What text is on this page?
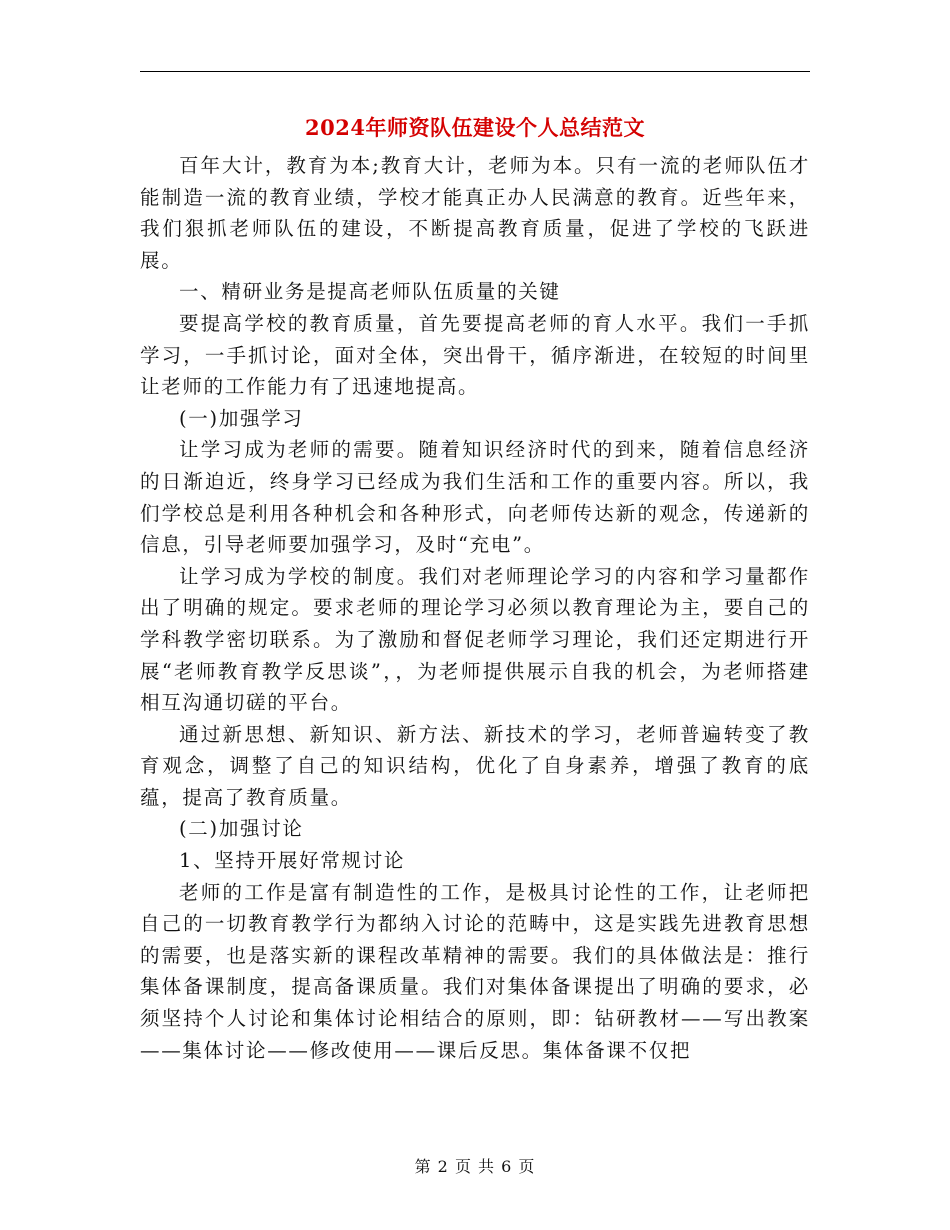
2024年师资队伍建设个人总结范文

百年大计，教育为本;教育大计，老师为本。只有一流的老师队伍才能制造一流的教育业绩，学校才能真正办人民满意的教育。近些年来，我们狠抓老师队伍的建设，不断提高教育质量，促进了学校的飞跃进展。

一、精研业务是提高老师队伍质量的关键

要提高学校的教育质量，首先要提高老师的育人水平。我们一手抓学习，一手抓讨论，面对全体，突出骨干，循序渐进，在较短的时间里让老师的工作能力有了迅速地提高。

(一)加强学习

让学习成为老师的需要。随着知识经济时代的到来，随着信息经济的日渐迫近，终身学习已经成为我们生活和工作的重要内容。所以，我们学校总是利用各种机会和各种形式，向老师传达新的观念，传递新的信息，引导老师要加强学习，及时“充电”。

让学习成为学校的制度。我们对老师理论学习的内容和学习量都作出了明确的规定。要求老师的理论学习必须以教育理论为主，要自己的学科教学密切联系。为了激励和督促老师学习理论，我们还定期进行开展“老师教育教学反思谈”，，为老师提供展示自我的机会，为老师搭建相互沟通切磋的平台。

通过新思想、新知识、新方法、新技术的学习，老师普遍转变了教育观念，调整了自己的知识结构，优化了自身素养，增强了教育的底蕴，提高了教育质量。

(二)加强讨论

1、坚持开展好常规讨论

老师的工作是富有制造性的工作，是极具讨论性的工作，让老师把自己的一切教育教学行为都纳入讨论的范畴中，这是实践先进教育思想的需要，也是落实新的课程改革精神的需要。我们的具体做法是：推行集体备课制度，提高备课质量。我们对集体备课提出了明确的要求，必须坚持个人讨论和集体讨论相结合的原则，即：钻研教材——写出教案——集体讨论——修改使用——课后反思。集体备课不仅把

第 2 页 共 6 页
